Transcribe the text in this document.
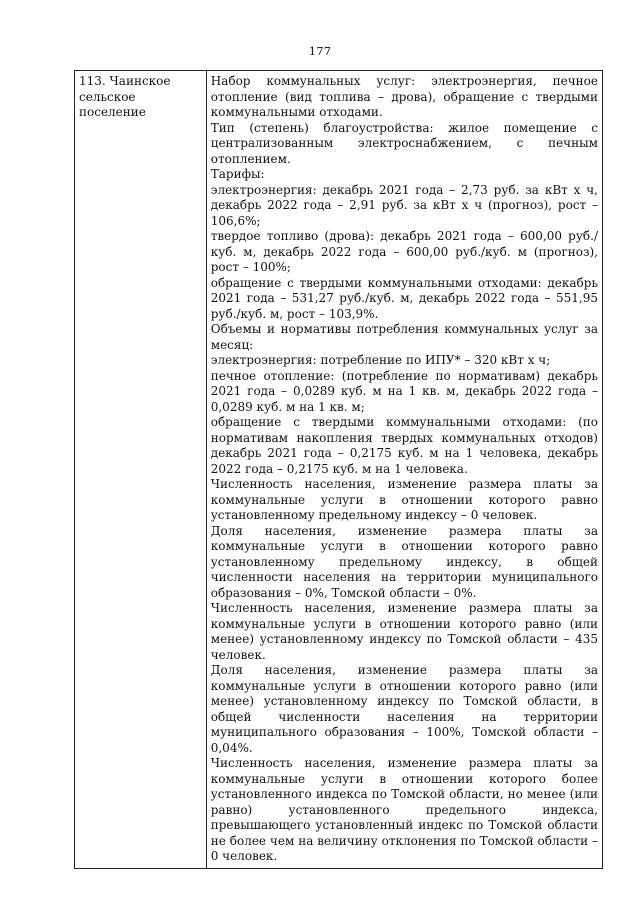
177
113. Чаинское сельское поселение	

Набор коммунальных услуг: электроэнергия, печное отопление (вид топлива – дрова), обращение с твердыми коммунальными отходами.

Тип (степень) благоустройства: жилое помещение с централизованным электроснабжением, с печным отоплением.

Тарифы:

электроэнергия: декабрь 2021 года – 2,73 руб. за кВт х ч, декабрь 2022 года – 2,91 руб. за кВт х ч (прогноз), рост – 106,6%;

твердое топливо (дрова): декабрь 2021 года – 600,00 руб./куб. м, декабрь 2022 года – 600,00 руб./куб. м (прогноз), рост – 100%;

обращение с твердыми коммунальными отходами: декабрь 2021 года – 531,27 руб./куб. м, декабрь 2022 года – 551,95 руб./куб. м, рост – 103,9%.

Объемы и нормативы потребления коммунальных услуг за месяц:

электроэнергия: потребление по ИПУ* – 320 кВт х ч;

печное отопление: (потребление по нормативам) декабрь 2021 года – 0,0289 куб. м на 1 кв. м, декабрь 2022 года – 0,0289 куб. м на 1 кв. м;

обращение с твердыми коммунальными отходами: (по нормативам накопления твердых коммунальных отходов) декабрь 2021 года – 0,2175 куб. м на 1 человека, декабрь 2022 года – 0,2175 куб. м на 1 человека.

Численность населения, изменение размера платы за коммунальные услуги в отношении которого равно установленному предельному индексу – 0 человек.

Доля населения, изменение размера платы за коммунальные услуги в отношении которого равно установленному предельному индексу, в общей численности населения на территории муниципального образования – 0%, Томской области – 0%.

Численность населения, изменение размера платы за коммунальные услуги в отношении которого равно (или менее) установленному индексу по Томской области – 435 человек.

Доля населения, изменение размера платы за коммунальные услуги в отношении которого равно (или менее) установленному индексу по Томской области, в общей численности населения на территории муниципального образования – 100%, Томской области – 0,04%.

Численность населения, изменение размера платы за коммунальные услуги в отношении которого более установленного индекса по Томской области, но менее (или равно) установленного предельного индекса, превышающего установленный индекс по Томской области не более чем на величину отклонения по Томской области – 0 человек.
